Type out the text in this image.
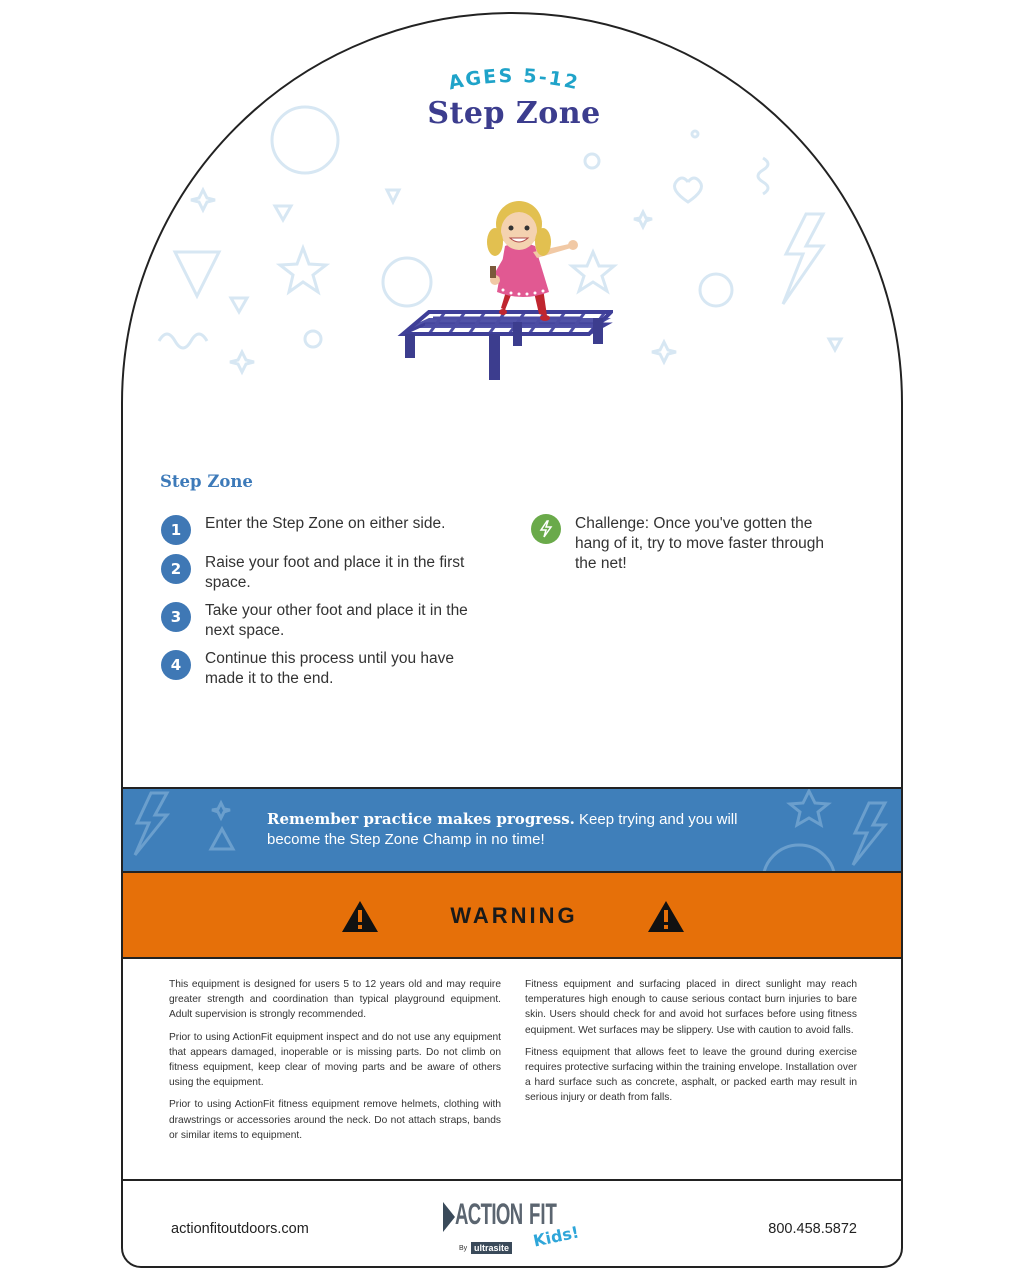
AGES 5-12
Step Zone
Step Zone
1	Enter the Step Zone on either side.
2	Raise your foot and place it in the first space.
3	Take your other foot and place it in the next space.
4	Continue this process until you have made it to the end.
Challenge: Once you've gotten the hang of it, try to move faster through the net!
Remember practice makes progress. Keep trying and you will become the Step Zone Champ in no time!
WARNING
actionfitoutdoors.com	ACTION FIT
Kids!
By ultrasite
800.458.5872

This equipment is designed for users 5 to 12 years old and may require greater strength and coordination than typical playground equipment. Adult supervision is strongly recommended.

Prior to using ActionFit equipment inspect and do not use any equipment that appears damaged, inoperable or is missing parts. Do not climb on fitness equipment, keep clear of moving parts and be aware of others using the equipment.

Prior to using ActionFit fitness equipment remove helmets, clothing with drawstrings or accessories around the neck. Do not attach straps, bands or similar items to equipment.

Fitness equipment and surfacing placed in direct sunlight may reach temperatures high enough to cause serious contact burn injuries to bare skin. Users should check for and avoid hot surfaces before using fitness equipment. Wet surfaces may be slippery. Use with caution to avoid falls.

Fitness equipment that allows feet to leave the ground during exercise requires protective surfacing within the training envelope. Installation over a hard surface such as concrete, asphalt, or packed earth may result in serious injury or death from falls.
